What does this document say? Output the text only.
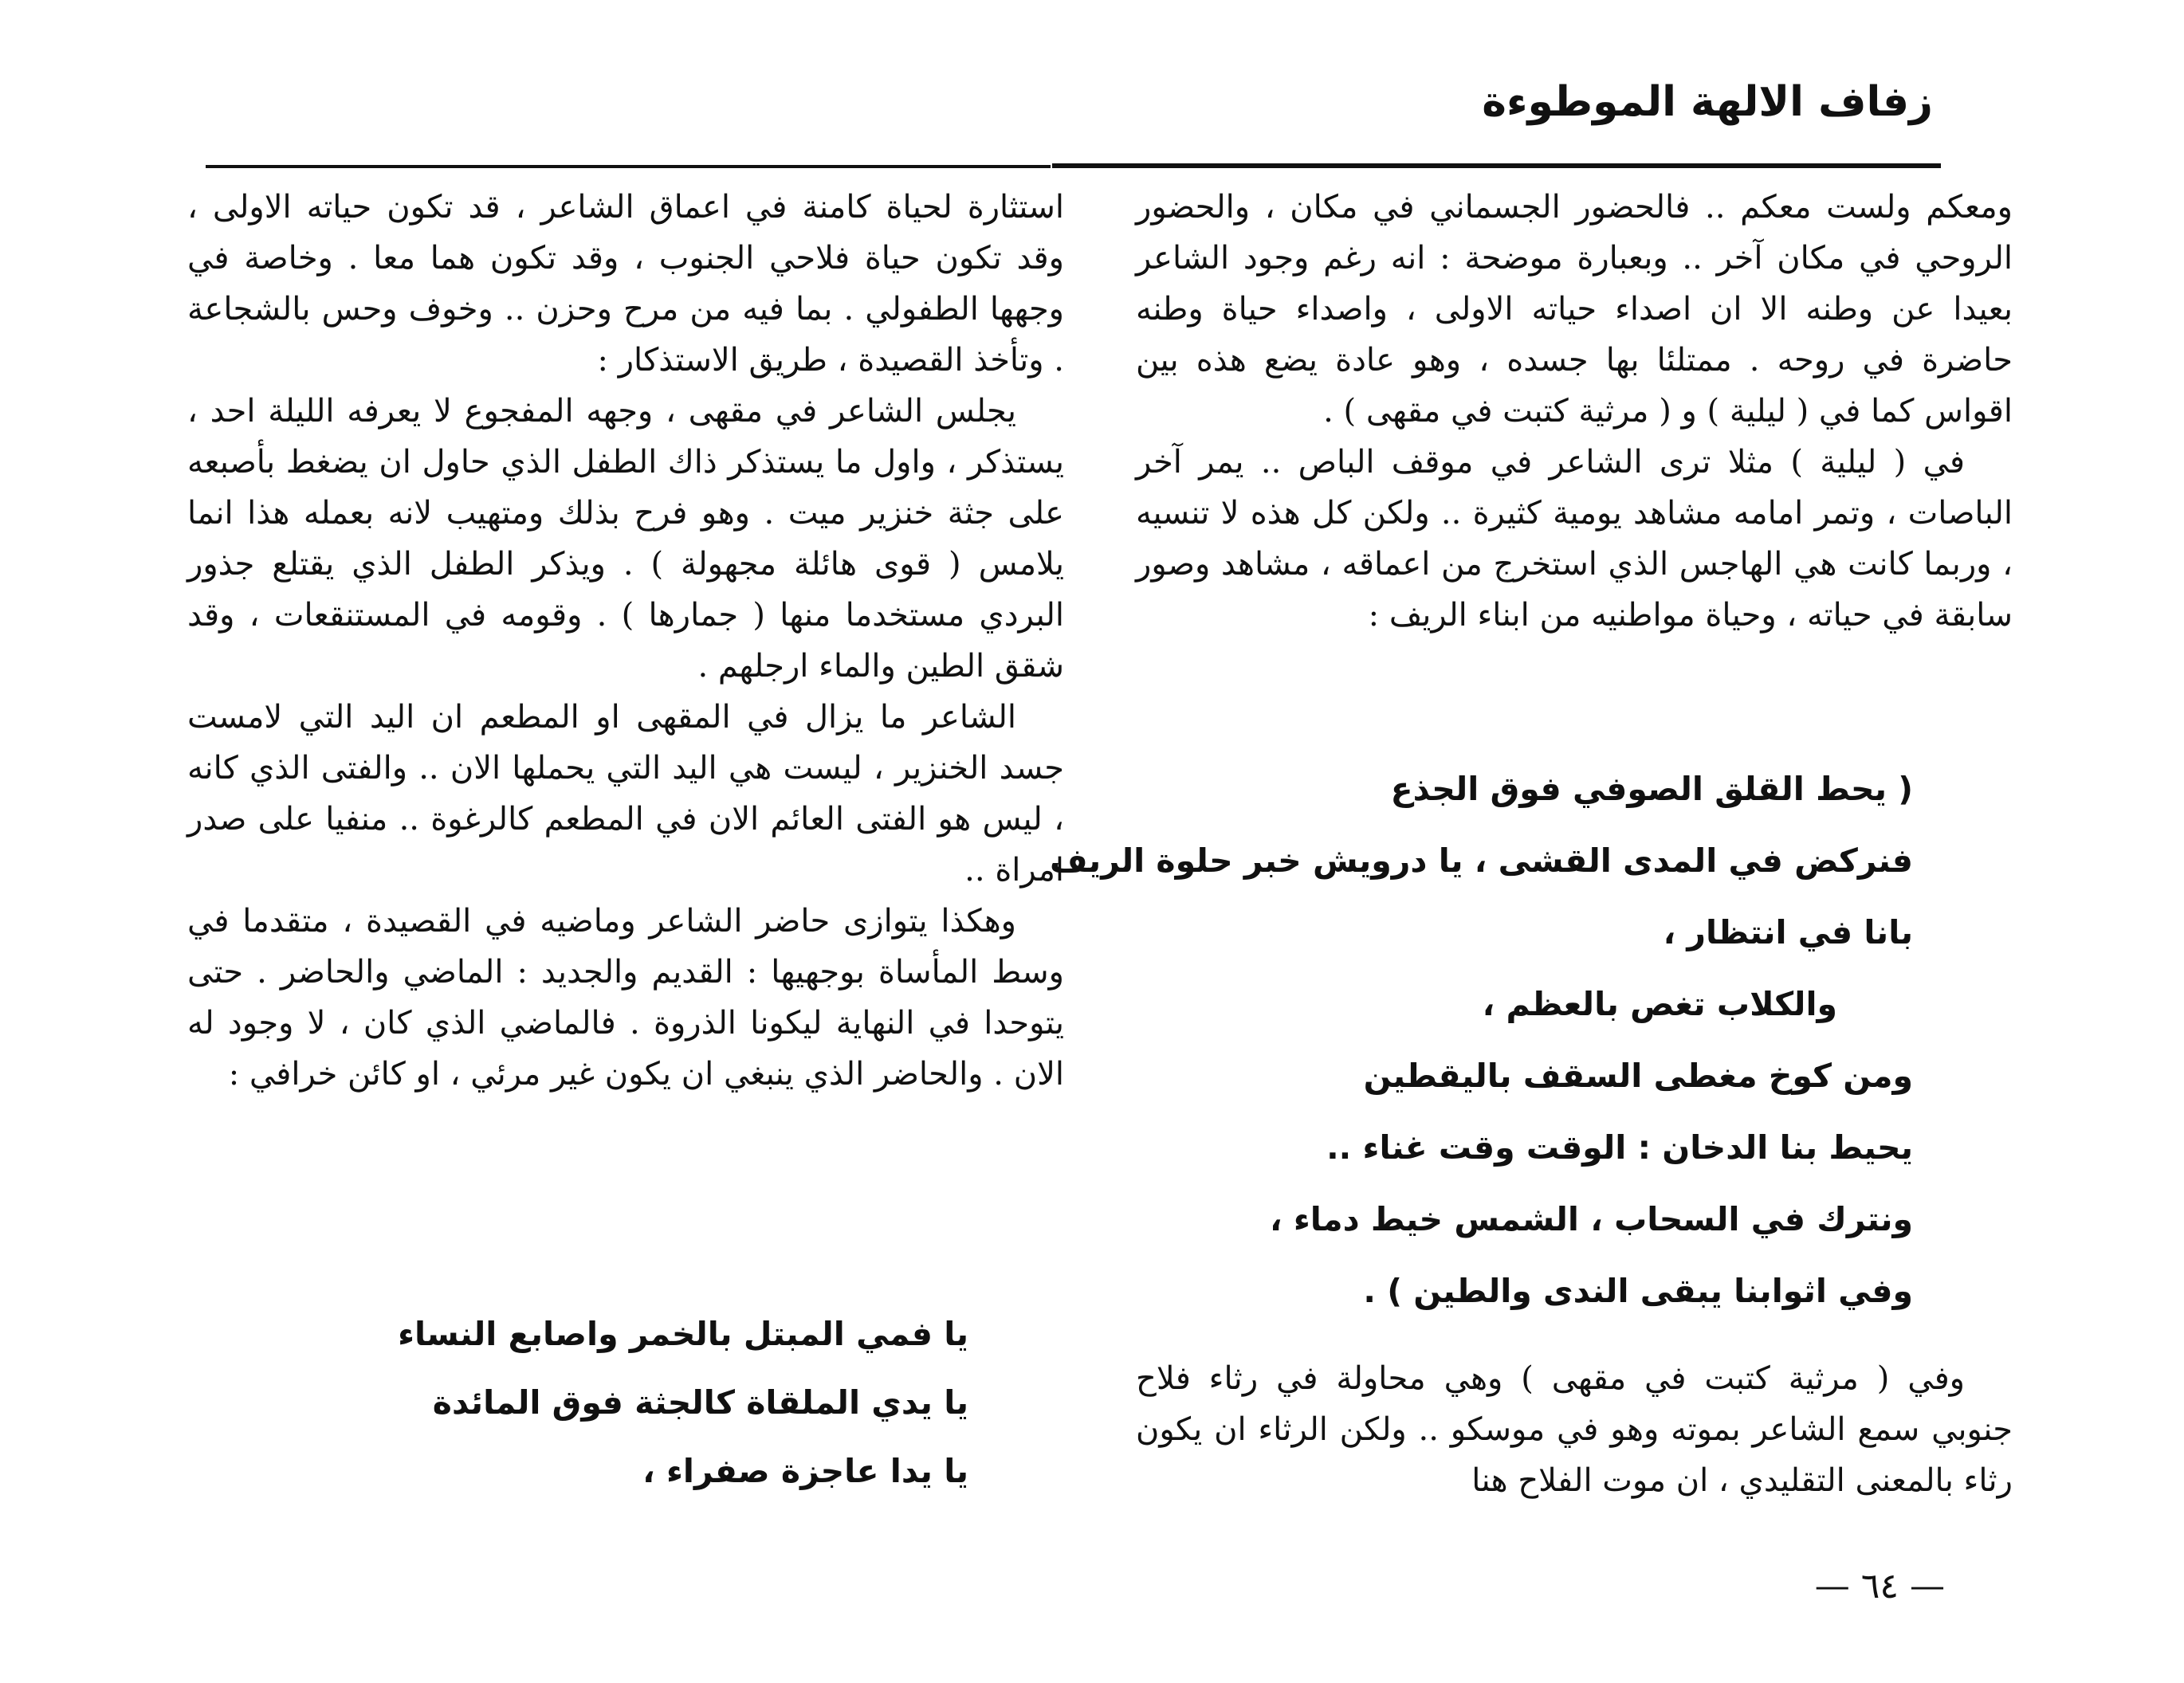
زفاف الالهة الموطوءة

ومعكم ولست معكم .. فالحضور الجسماني في مكان ، والحضور الروحي في مكان آخر .. وبعبارة موضحة : انه رغم وجود الشاعر بعيدا عن وطنه الا ان اصداء حياته الاولى ، واصداء حياة وطنه حاضرة في روحه . ممتلئا بها جسده ، وهو عادة يضع هذه بين اقواس كما في ( ليلية ) و ( مرثية كتبت في مقهى ) .

في ( ليلية ) مثلا ترى الشاعر في موقف الباص .. يمر آخر الباصات ، وتمر امامه مشاهد يومية كثيرة .. ولكن كل هذه لا تنسيه ، وربما كانت هي الهاجس الذي استخرج من اعماقه ، مشاهد وصور سابقة في حياته ، وحياة مواطنيه من ابناء الريف :

( يحط القلق الصوفي فوق الجذع
فنركض في المدى القشى ، يا درويش خبر حلوة الريف
بانا في انتظار ،
والكلاب تغص بالعظم ،
ومن كوخ مغطى السقف باليقطين
يحيط بنا الدخان : الوقت وقت غناء ..
ونترك في السحاب ، الشمس خيط دماء ،
وفي اثوابنا يبقى الندى والطين ) .

وفي ( مرثية كتبت في مقهى ) وهي محاولة في رثاء فلاح جنوبي سمع الشاعر بموته وهو في موسكو .. ولكن الرثاء ان يكون رثاء بالمعنى التقليدي ، ان موت الفلاح هنا

استثارة لحياة كامنة في اعماق الشاعر ، قد تكون حياته الاولى ، وقد تكون حياة فلاحي الجنوب ، وقد تكون هما معا . وخاصة في وجهها الطفولي . بما فيه من مرح وحزن .. وخوف وحس بالشجاعة . وتأخذ القصيدة ، طريق الاستذكار :

يجلس الشاعر في مقهى ، وجهه المفجوع لا يعرفه الليلة احد ، يستذكر ، واول ما يستذكر ذاك الطفل الذي حاول ان يضغط بأصبعه على جثة خنزير ميت . وهو فرح بذلك ومتهيب لانه بعمله هذا انما يلامس ( قوى هائلة مجهولة ) . ويذكر الطفل الذي يقتلع جذور البردي مستخدما منها ( جمارها ) . وقومه في المستنقعات ، وقد شقق الطين والماء ارجلهم .

الشاعر ما يزال في المقهى او المطعم ان اليد التي لامست جسد الخنزير ، ليست هي اليد التي يحملها الان .. والفتى الذي كانه ، ليس هو الفتى العائم الان في المطعم كالرغوة .. منفيا على صدر امراة ..

وهكذا يتوازى حاضر الشاعر وماضيه في القصيدة ، متقدما في وسط المأساة بوجهيها : القديم والجديد : الماضي والحاضر . حتى يتوحدا في النهاية ليكونا الذروة . فالماضي الذي كان ، لا وجود له الان . والحاضر الذي ينبغي ان يكون غير مرئي ، او كائن خرافي :

يا فمي المبتل بالخمر واصابع النساء
يا يدي الملقاة كالجثة فوق المائدة
يا يدا عاجزة صفراء ،
— ٦٤ —
